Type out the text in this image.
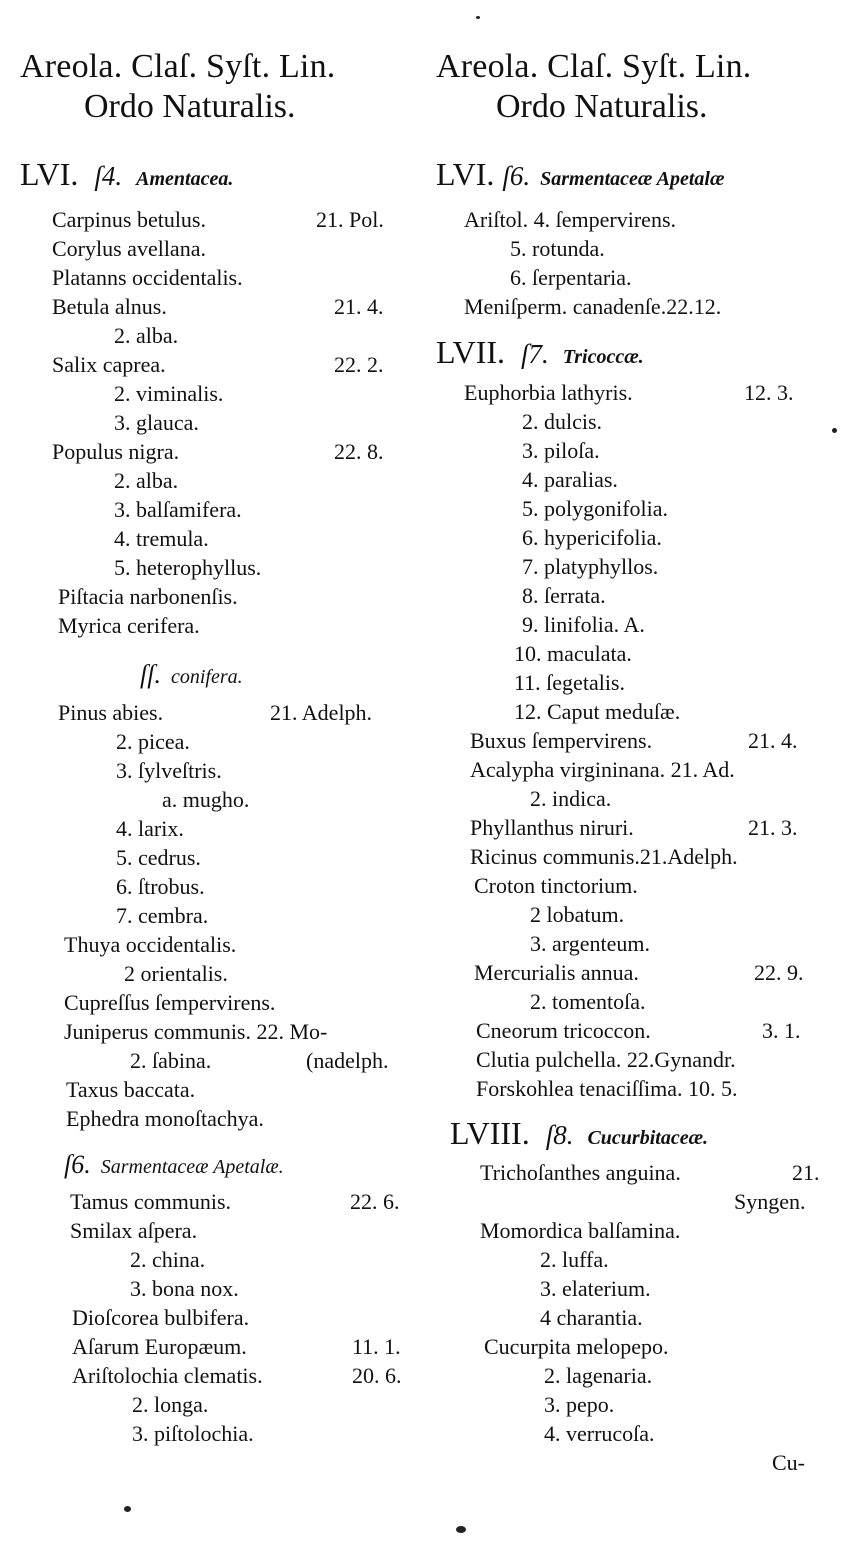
Areola. Claſ. Syſt. Lin.
Ordo Naturalis.
LVI. ſ4. Amentacea.
Carpinus betulus.	21. Pol.
Corylus avellana.
Platanns occidentalis.
Betula alnus.	21. 4.
2. alba.
Salix caprea.	22. 2.
2. viminalis.
3. glauca.
Populus nigra.	22. 8.
2. alba.
3. balſamifera.
4. tremula.
5. heterophyllus.
Piſtacia narbonenſis.
Myrica cerifera.
ſſ. conifera.
Pinus abies.	21. Adelph.
2. picea.
3. ſylveſtris.
a. mugho.
4. larix.
5. cedrus.
6. ſtrobus.
7. cembra.
Thuya occidentalis.
2 orientalis.
Cupreſſus ſempervirens.
Juniperus communis. 22. Mo-
2. ſabina.	(nadelph.
Taxus baccata.
Ephedra monoſtachya.
ſ6. Sarmentaceæ Apetalæ.
Tamus communis.	22. 6.
Smilax aſpera.
2. china.
3. bona nox.
Dioſcorea bulbifera.
Aſarum Europæum.	11. 1.
Ariſtolochia clematis.	20. 6.
2. longa.
3. piſtolochia.
Areola. Claſ. Syſt. Lin.
Ordo Naturalis.
LVI. ſ6. Sarmentaceæ Apetalæ
Ariſtol. 4. ſempervirens.
5. rotunda.
6. ſerpentaria.
Meniſperm. canadenſe.22.12.
LVII. ſ7. Tricoccæ.
Euphorbia lathyris.	12. 3.
2. dulcis.
3. piloſa.
4. paralias.
5. polygonifolia.
6. hypericifolia.
7. platyphyllos.
8. ſerrata.
9. linifolia. A.
10. maculata.
11. ſegetalis.
12. Caput meduſæ.
Buxus ſempervirens.	21. 4.
Acalypha virgininana. 21. Ad.
2. indica.
Phyllanthus niruri.	21. 3.
Ricinus communis.21.Adelph.
Croton tinctorium.
2 lobatum.
3. argenteum.
Mercurialis annua.	22. 9.
2. tomentoſa.
Cneorum tricoccon.	3. 1.
Clutia pulchella. 22.Gynandr.
Forskohlea tenaciſſima. 10. 5.
LVIII. ſ8. Cucurbitaceæ.
Trichoſanthes anguina.	21.
Syngen.
Momordica balſamina.
2. luffa.
3. elaterium.
4 charantia.
Cucurpita melopepo.
2. lagenaria.
3. pepo.
4. verrucoſa.
Cu-
